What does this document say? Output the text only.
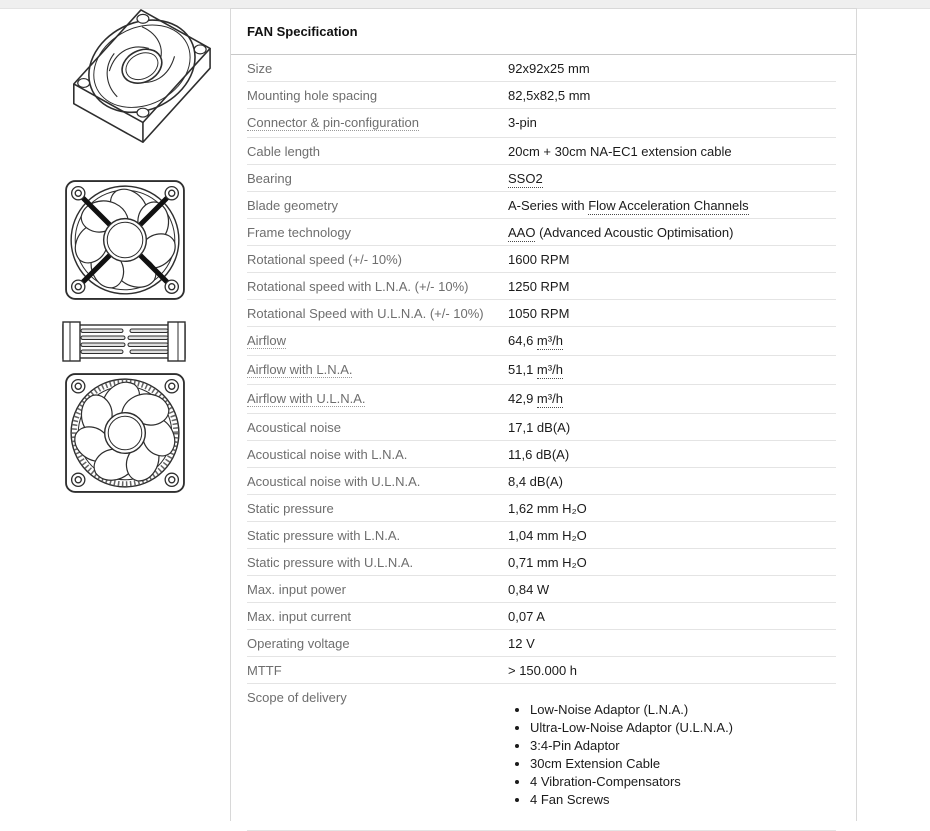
FAN Specification
Size	92x92x25 mm
Mounting hole spacing	82,5x82,5 mm
Connector & pin-configuration	3-pin
Cable length	20cm + 30cm NA-EC1 extension cable
Bearing	SSO2
Blade geometry	A-Series with Flow Acceleration Channels
Frame technology	AAO (Advanced Acoustic Optimisation)
Rotational speed (+/- 10%)	1600 RPM
Rotational speed with L.N.A. (+/- 10%)	1250 RPM
Rotational Speed with U.L.N.A. (+/- 10%)	1050 RPM
Airflow	64,6 m³/h
Airflow with L.N.A.	51,1 m³/h
Airflow with U.L.N.A.	42,9 m³/h
Acoustical noise	17,1 dB(A)
Acoustical noise with L.N.A.	11,6 dB(A)
Acoustical noise with U.L.N.A.	8,4 dB(A)
Static pressure	1,62 mm H₂O
Static pressure with L.N.A.	1,04 mm H₂O
Static pressure with U.L.N.A.	0,71 mm H₂O
Max. input power	0,84 W
Max. input current	0,07 A
Operating voltage	12 V
MTTF	> 150.000 h
Scope of delivery
• Low-Noise Adaptor (L.N.A.)
• Ultra-Low-Noise Adaptor (U.L.N.A.)
• 3:4-Pin Adaptor
• 30cm Extension Cable
• 4 Vibration-Compensators
• 4 Fan Screws
